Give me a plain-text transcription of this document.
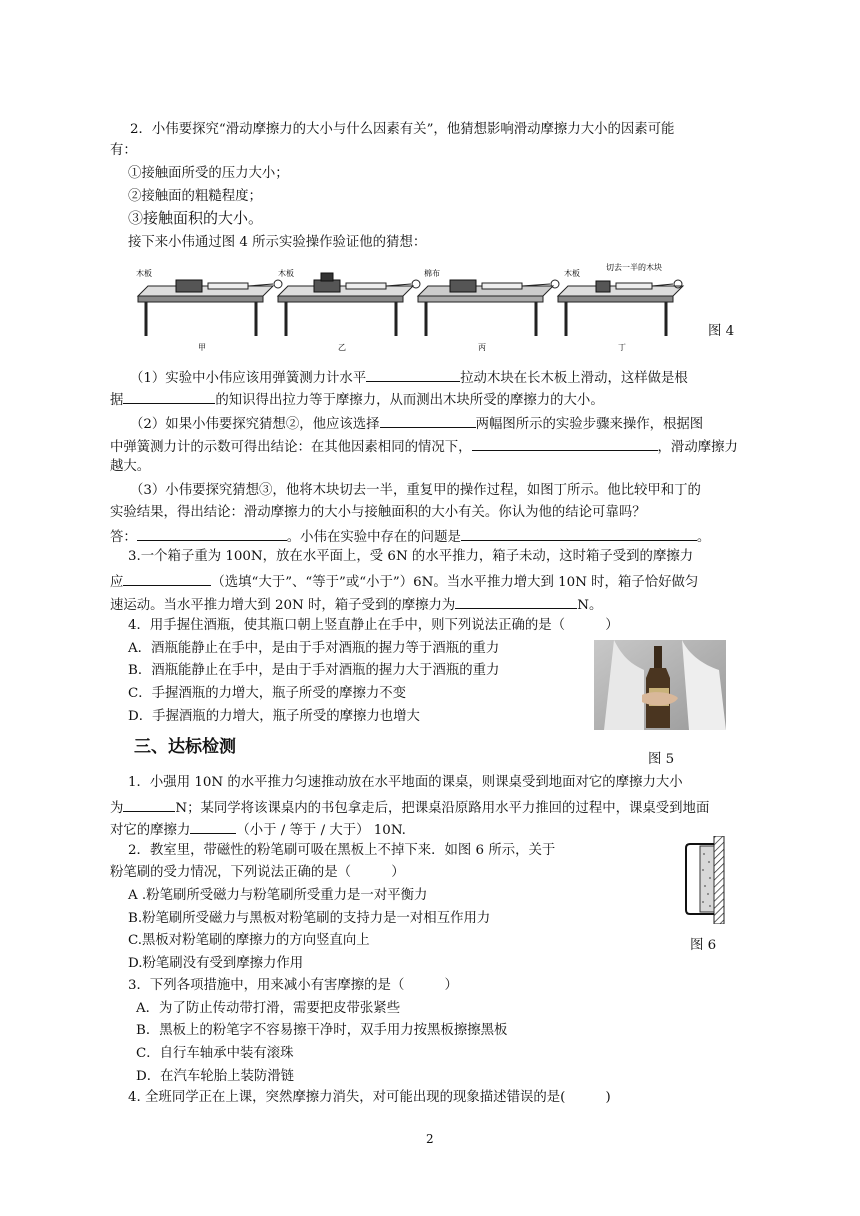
2．小伟要探究“滑动摩擦力的大小与什么因素有关”，他猜想影响滑动摩擦力大小的因素可能
有：
①接触面所受的压力大小；
②接触面的粗糙程度；
③接触面积的大小。
接下来小伟通过图 4 所示实验操作验证他的猜想：
木板
甲
木板
乙
棉布
丙
木板
切去一半的木块
丁
图 4
（1）实验中小伟应该用弹簧测力计水平	拉动木块在长木板上滑动，这样做是根
据	的知识得出拉力等于摩擦力，从而测出木块所受的摩擦力的大小。
（2）如果小伟要探究猜想②，他应该选择	两幅图所示的实验步骤来操作，根据图
中弹簧测力计的示数可得出结论：在其他因素相同的情况下，	，滑动摩擦力
越大。
（3）小伟要探究猜想③，他将木块切去一半，重复甲的操作过程，如图丁所示。他比较甲和丁的
实验结果，得出结论：滑动摩擦力的大小与接触面积的大小有关。你认为他的结论可靠吗？
答：	。小伟在实验中存在的问题是	。
3.一个箱子重为 100N，放在水平面上，受 6N 的水平推力，箱子未动，这时箱子受到的摩擦力
应	（选填“大于”、“等于”或“小于”）6N。当水平推力增大到 10N 时，箱子恰好做匀
速运动。当水平推力增大到 20N 时，箱子受到的摩擦力为	N。
4．用手握住酒瓶，使其瓶口朝上竖直静止在手中，则下列说法正确的是（　　　）
A．酒瓶能静止在手中，是由于手对酒瓶的握力等于酒瓶的重力
B．酒瓶能静止在手中，是由于手对酒瓶的握力大于酒瓶的重力
C．手握酒瓶的力增大，瓶子所受的摩擦力不变
D．手握酒瓶的力增大，瓶子所受的摩擦力也增大
图 5
三、达标检测
1．小强用 10N 的水平推力匀速推动放在水平地面的课桌，则课桌受到地面对它的摩擦力大小
为	N；某同学将该课桌内的书包拿走后，把课桌沿原路用水平力推回的过程中，课桌受到地面
对它的摩擦力	（小于 / 等于 / 大于） 10N.
2．教室里，带磁性的粉笔刷可吸在黑板上不掉下来．如图 6 所示，关于
粉笔刷的受力情况，下列说法正确的是（　　　）
A .粉笔刷所受磁力与粉笔刷所受重力是一对平衡力
B.粉笔刷所受磁力与黑板对粉笔刷的支持力是一对相互作用力
C.黑板对粉笔刷的摩擦力的方向竖直向上
D.粉笔刷没有受到摩擦力作用
图 6
3．下列各项措施中，用来减小有害摩擦的是（　　　）
A．为了防止传动带打滑，需要把皮带张紧些
B．黑板上的粉笔字不容易擦干净时，双手用力按黑板擦擦黑板
C．自行车轴承中装有滚珠
D．在汽车轮胎上装防滑链
4. 全班同学正在上课，突然摩擦力消失，对可能出现的现象描述错误的是(　　　)
2
